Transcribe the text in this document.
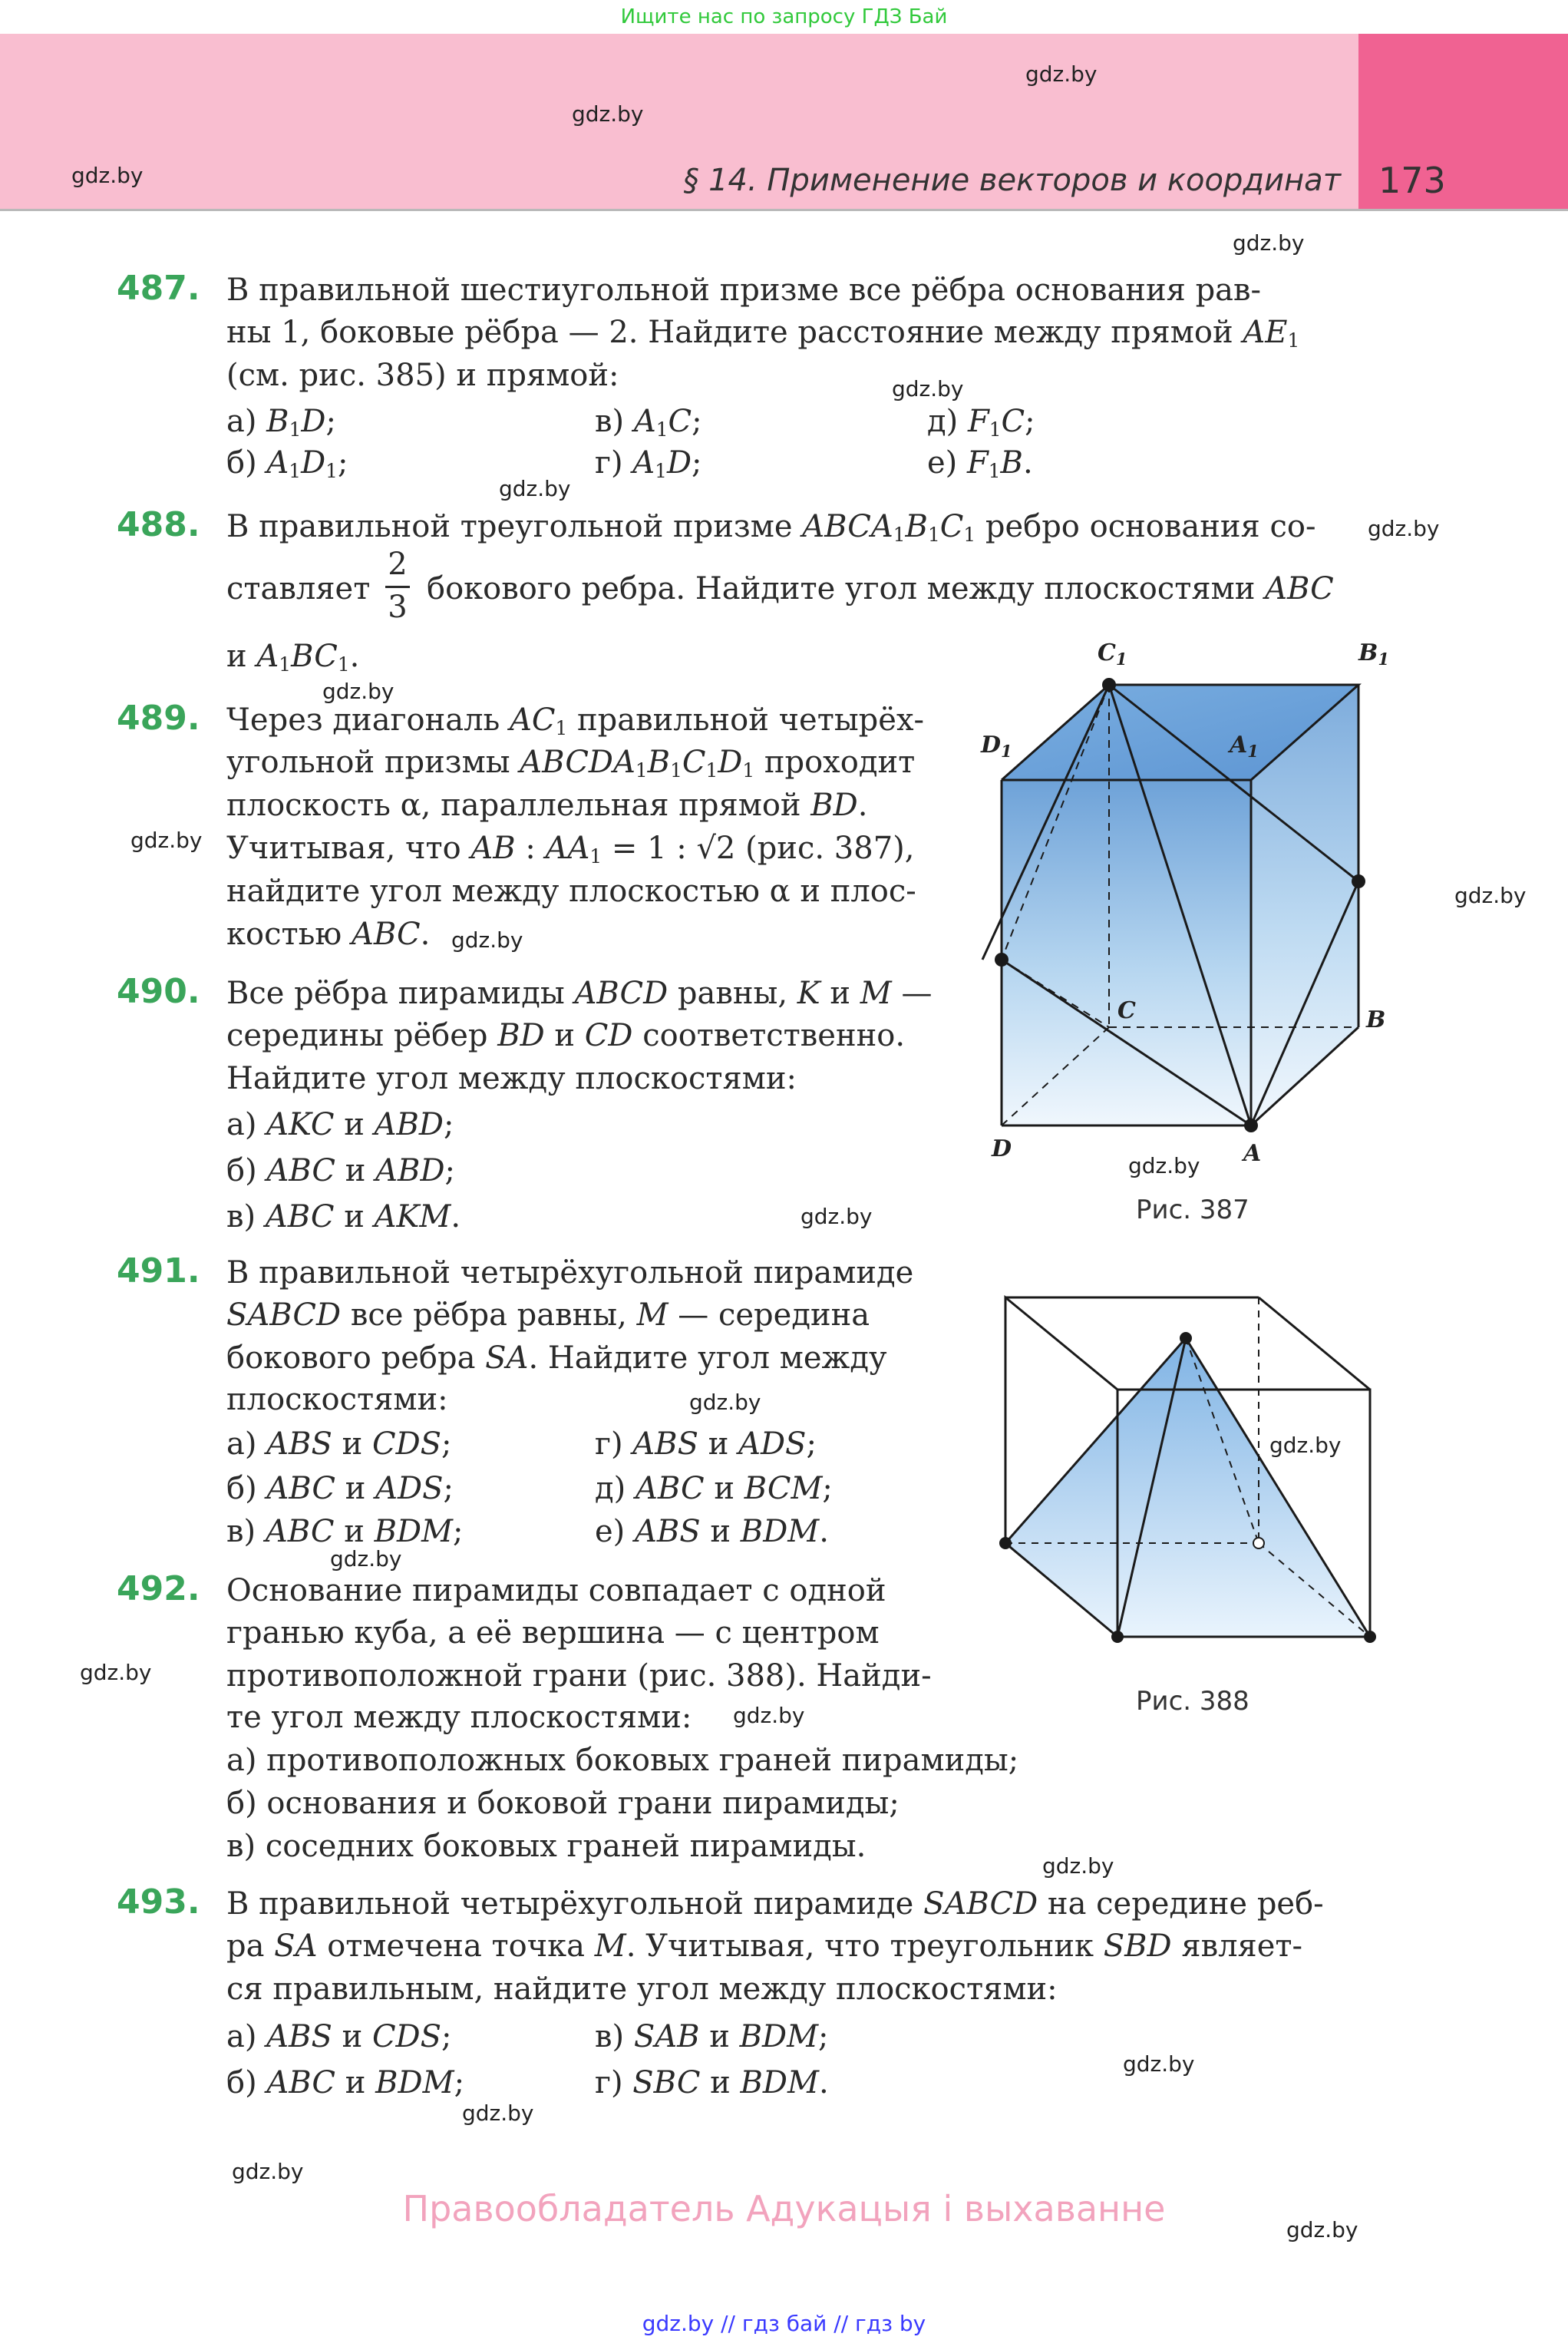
Ищите нас по запросу ГДЗ Бай
§ 14. Применение векторов и координат 173
gdz.by
gdz.by
gdz.by
gdz.by
gdz.by
gdz.by
gdz.by
gdz.by
gdz.by
gdz.by
gdz.by
gdz.by
gdz.by
gdz.by
gdz.by
gdz.by
gdz.by
gdz.by
gdz.by
gdz.by
gdz.by
gdz.by
gdz.by
487. В правильной шестиугольной призме все рёбра основания рав-
ны 1, боковые рёбра — 2. Найдите расстояние между прямой $AE_1$
(см. рис. 385) и прямой:
а) $B_1D$;	в) $A_1C$;	д) $F_1C$;
б) $A_1D_1$;	г) $A_1D$;	е) $F_1B$.
488. В правильной треугольной призме $ABCA_1B_1C_1$ ребро основания со-
ставляет
2
3
бокового ребра. Найдите угол между плоскостями ABC
и $A_1BC_1$.
489. Через диагональ $AC_1$ правильной четырёх-
угольной призмы $ABCDA_1B_1C_1D_1$ проходит
плоскость α, параллельная прямой BD.
Учитывая, что AB : $AA_1 = 1$ : √2 (рис. 387),
найдите угол между плоскостью α и плос-
костью ABC.
490. Все рёбра пирамиды ABCD равны, K и M —
середины рёбер BD и CD соответственно.
Найдите угол между плоскостями:
а) AKC и ABD;
б) ABC и ABD;
в) ABC и AKM.
491. В правильной четырёхугольной пирамиде
SABCD все рёбра равны, M — середина
бокового ребра SA. Найдите угол между
плоскостями:
а) ABS и CDS;	г) ABS и ADS;
б) ABC и ADS;	д) ABC и BCM;
в) ABC и BDM;	е) ABS и BDM.
492. Основание пирамиды совпадает с одной
гранью куба, а её вершина — с центром
противоположной грани (рис. 388). Найди-
те угол между плоскостями:
а) противоположных боковых граней пирамиды;
б) основания и боковой грани пирамиды;
в) соседних боковых граней пирамиды.
493. В правильной четырёхугольной пирамиде SABCD на середине реб-
ра SA отмечена точка M. Учитывая, что треугольник SBD являет-
ся правильным, найдите угол между плоскостями:
а) ABS и CDS;	в) SAB и BDM;
б) ABC и BDM;	г) SBC и BDM.
$C_1$	$B_1$
$D_1$	$A_1$
C	B
D	A
Рис. 387
Рис. 388
Правообладатель Адукацыя і выхаванне
gdz.by // гдз бай // гдз by
